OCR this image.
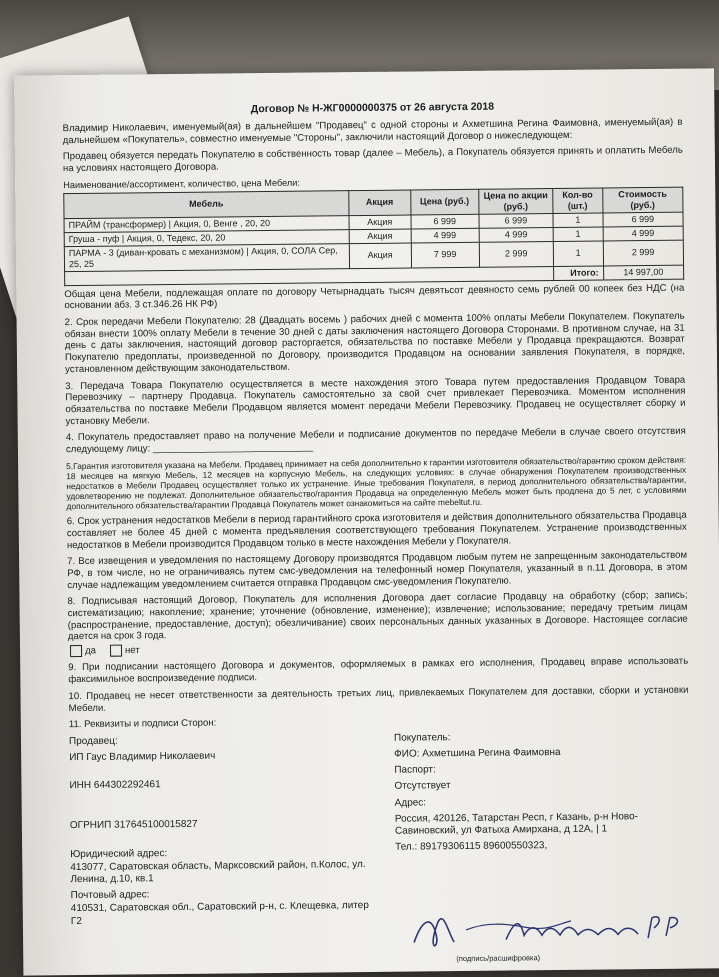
Договор № Н-ЖГ0000000375 от 26 августа 2018

Владимир Николаевич, именуемый(ая) в дальнейшем "Продавец" с одной стороны и Ахметшина Регина Фаимовна, именуемый(ая) в дальнейшем «Покупатель», совместно именуемые "Стороны", заключили настоящий Договор о нижеследующем:

Продавец обязуется передать Покупателю в собственность товар (далее – Мебель), а Покупатель обязуется принять и оплатить Мебель на условиях настоящего Договора.

Наименование/ассортимент, количество, цена Мебели:
Мебель	Акция	Цена (руб.)	Цена по акции (руб.)	Кол-во (шт.)	Стоимость (руб.)
ПРАЙМ (трансформер) | Акция, 0, Венге , 20, 20	Акция	6 999	6 999	1	6 999
Груша - пуф | Акция, 0, Тедекс, 20, 20	Акция	4 999	4 999	1	4 999
ПАРМА - 3 (диван-кровать с механизмом) | Акция, 0, СОЛА Сер, 25, 25	Акция	7 999	2 999	1	2 999
				Итого:	14 997,00

Общая цена Мебели, подлежащая оплате по договору Четырнадцать тысяч девятьсот девяносто семь рублей 00 копеек без НДС (на основании абз. 3 ст.346.26 НК РФ)

2. Срок передачи Мебели Покупателю: 28 (Двадцать восемь ) рабочих дней с момента 100% оплаты Мебели Покупателем. Покупатель обязан внести 100% оплату Мебели в течение 30 дней с даты заключения настоящего Договора Сторонами. В противном случае, на 31 день с даты заключения, настоящий договор расторгается, обязательства по поставке Мебели у Продавца прекращаются. Возврат Покупателю предоплаты, произведенной по Договору, производится Продавцом на основании заявления Покупателя, в порядке, установленном действующим законодательством.

3. Передача Товара Покупателю осуществляется в месте нахождения этого Товара путем предоставления Продавцом Товара Перевозчику – партнеру Продавца. Покупатель самостоятельно за свой счет привлекает Перевозчика. Моментом исполнения обязательства по поставке Мебели Продавцом является момент передачи Мебели Перевозчику. Продавец не осуществляет сборку и установку Мебели.

4. Покупатель предоставляет право на получение Мебели и подписание документов по передаче Мебели в случае своего отсутствия следующему лицу: ______________________________

5.Гарантия изготовителя указана на Мебели. Продавец принимает на себя дополнительно к гарантии изготовителя обязательство/гарантию сроком действия: 18 месяцев на мягкую Мебель, 12 месяцев на корпусную Мебель, на следующих условиях: в случае обнаружения Покупателем производственных недостатков в Мебели Продавец осуществляет только их устранение. Иные требования Покупателя, в период дополнительного обязательства/гарантии, удовлетворению не подлежат. Дополнительное обязательство/гарантия Продавца на определенную Мебель может быть продлена до 5 лет, с условиями дополнительного обязательства/гарантии Продавца Покупатель может ознакомиться на сайте mebeltut.ru.

6. Срок устранения недостатков Мебели в период гарантийного срока изготовителя и действия дополнительного обязательства Продавца составляет не более 45 дней с момента предъявления соответствующего требования Покупателем. Устранение производственных недостатков в Мебели производится Продавцом только в месте нахождения Мебели у Покупателя.

7. Все извещения и уведомления по настоящему Договору производятся Продавцом любым путем не запрещенным законодательством РФ, в том числе, но не ограничиваясь путем смс-уведомления на телефонный номер Покупателя, указанный в п.11 Договора, в этом случае надлежащим уведомлением считается отправка Продавцом смс-уведомления Покупателю.

8. Подписывая настоящий Договор, Покупатель для исполнения Договора дает согласие Продавцу на обработку (сбор; запись; систематизацию; накопление; хранение; уточнение (обновление, изменение); извлечение; использование; передачу третьим лицам (распространение, предоставление, доступ); обезличивание) своих персональных данных указанных в Договоре. Настоящее согласие дается на срок 3 года.

да	нет

9. При подписании настоящего Договора и документов, оформляемых в рамках его исполнения, Продавец вправе использовать факсимильное воспроизведение подписи.

10. Продавец не несет ответственности за деятельность третьих лиц, привлекаемых Покупателем для доставки, сборки и установки Мебели.

11. Реквизиты и подписи Сторон:

Продавец:
ИП Гаус Владимир Николаевич
ИНН 644302292461
ОГРНИП 317645100015827
Юридический адрес:
413077, Саратовская область, Марксовский район, п.Колос, ул. Ленина, д.10, кв.1
Почтовый адрес:
410531, Саратовская обл., Саратовский р-н, с. Клещевка, литер Г2
Покупатель:
ФИО: Ахметшина Регина Фаимовна
Паспорт:
Отсутствует
Адрес:
Россия, 420126, Татарстан Респ, г Казань, р-н Ново-Савиновский, ул Фатыха Амирхана, д 12А, | 1
Тел.: 89179306115 89600550323,
(подпись/расшифровка)
